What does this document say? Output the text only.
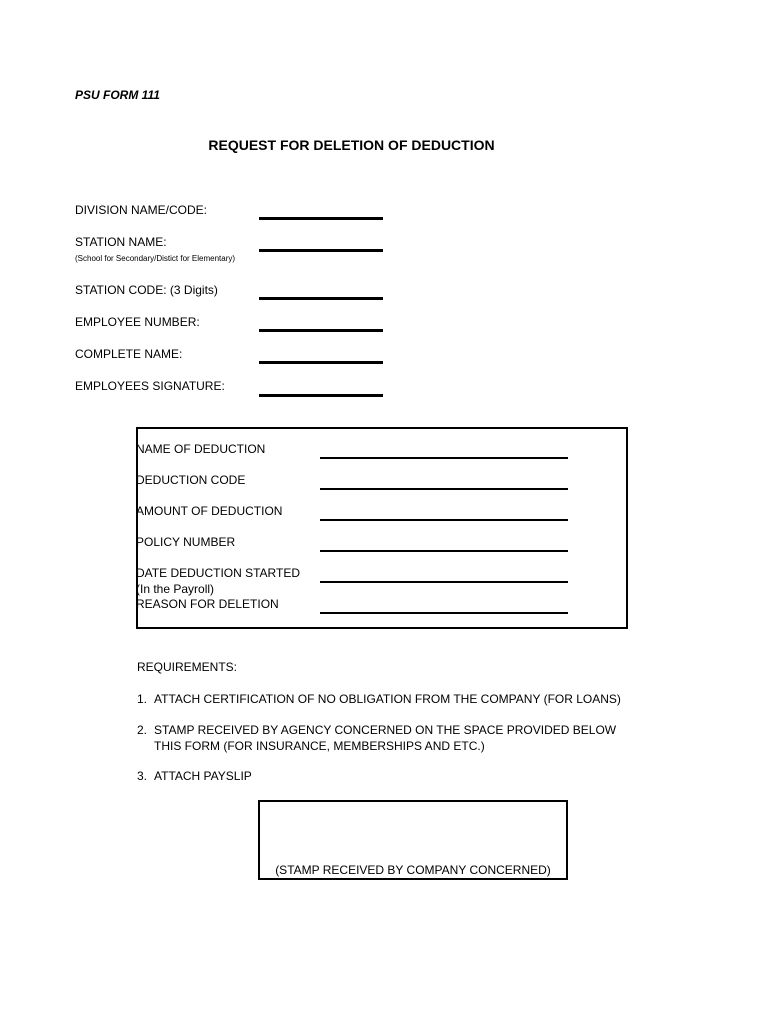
PSU FORM 111
REQUEST FOR DELETION OF DEDUCTION
DIVISION NAME/CODE:
STATION NAME:
(School for Secondary/Distict for Elementary)
STATION CODE: (3 Digits)
EMPLOYEE NUMBER:
COMPLETE NAME:
EMPLOYEES SIGNATURE:
NAME OF DEDUCTION
DEDUCTION CODE
AMOUNT OF DEDUCTION
POLICY NUMBER
DATE DEDUCTION STARTED
(In the Payroll)
REASON FOR DELETION
REQUIREMENTS:
1. ATTACH CERTIFICATION OF NO OBLIGATION FROM THE COMPANY (FOR LOANS)
2. STAMP RECEIVED BY AGENCY CONCERNED ON THE SPACE PROVIDED BELOW
THIS FORM (FOR INSURANCE, MEMBERSHIPS AND ETC.)
3. ATTACH PAYSLIP
(STAMP RECEIVED BY COMPANY CONCERNED)
